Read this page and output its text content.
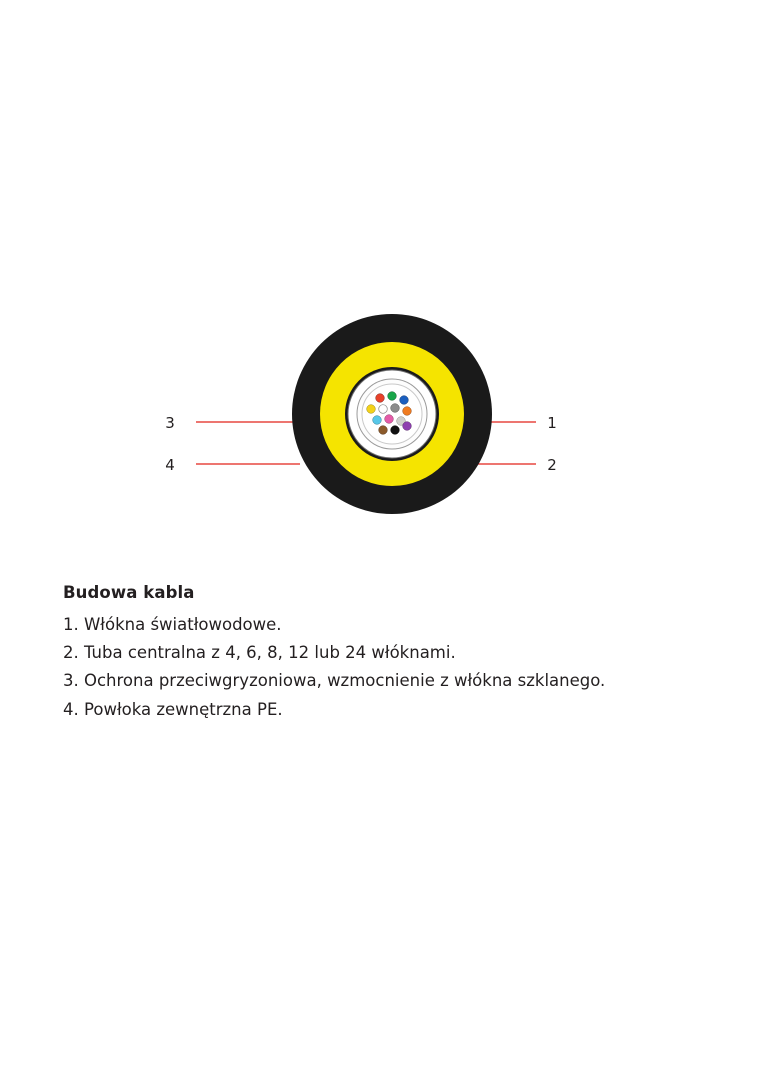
3
4
1
2
Budowa kabla
1. Włókna światłowodowe.
2. Tuba centralna z 4, 6, 8, 12 lub 24 włóknami.
3. Ochrona przeciwgryzoniowa, wzmocnienie z włókna szklanego.
4. Powłoka zewnętrzna PE.
